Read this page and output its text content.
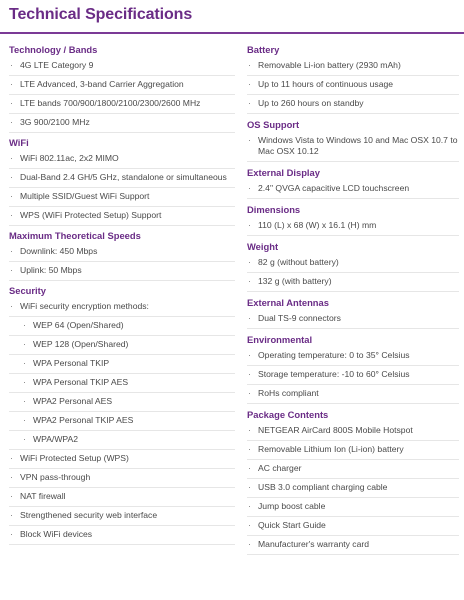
Technical Specifications
Technology / Bands
· 4G LTE Category 9
· LTE Advanced, 3-band Carrier Aggregation
· LTE bands 700/900/1800/2100/2300/2600 MHz
· 3G 900/2100 MHz
WiFi
· WiFi 802.11ac, 2x2 MIMO
· Dual-Band 2.4 GH/5 GHz, standalone or simultaneous
· Multiple SSID/Guest WiFi Support
· WPS (WiFi Protected Setup) Support
Maximum Theoretical Speeds
· Downlink: 450 Mbps
· Uplink: 50 Mbps
Security
· WiFi security encryption methods:
· WEP 64 (Open/Shared)
· WEP 128 (Open/Shared)
· WPA Personal TKIP
· WPA Personal TKIP AES
· WPA2 Personal AES
· WPA2 Personal TKIP AES
· WPA/WPA2
· WiFi Protected Setup (WPS)
· VPN pass-through
· NAT firewall
· Strengthened security web interface
· Block WiFi devices
Battery
· Removable Li-ion battery (2930 mAh)
· Up to 11 hours of continuous usage
· Up to 260 hours on standby
OS Support
· Windows Vista to Windows 10 and Mac OSX 10.7 to Mac OSX 10.12
External Display
· 2.4" QVGA capacitive LCD touchscreen
Dimensions
· 110 (L) x 68 (W) x 16.1 (H) mm
Weight
· 82 g (without battery)
· 132 g (with battery)
External Antennas
· Dual TS-9 connectors
Environmental
· Operating temperature: 0 to 35° Celsius
· Storage temperature: -10 to 60° Celsius
· RoHs compliant
Package Contents
· NETGEAR AirCard 800S Mobile Hotspot
· Removable Lithium Ion (Li-ion) battery
· AC charger
· USB 3.0 compliant charging cable
· Jump boost cable
· Quick Start Guide
· Manufacturer's warranty card
